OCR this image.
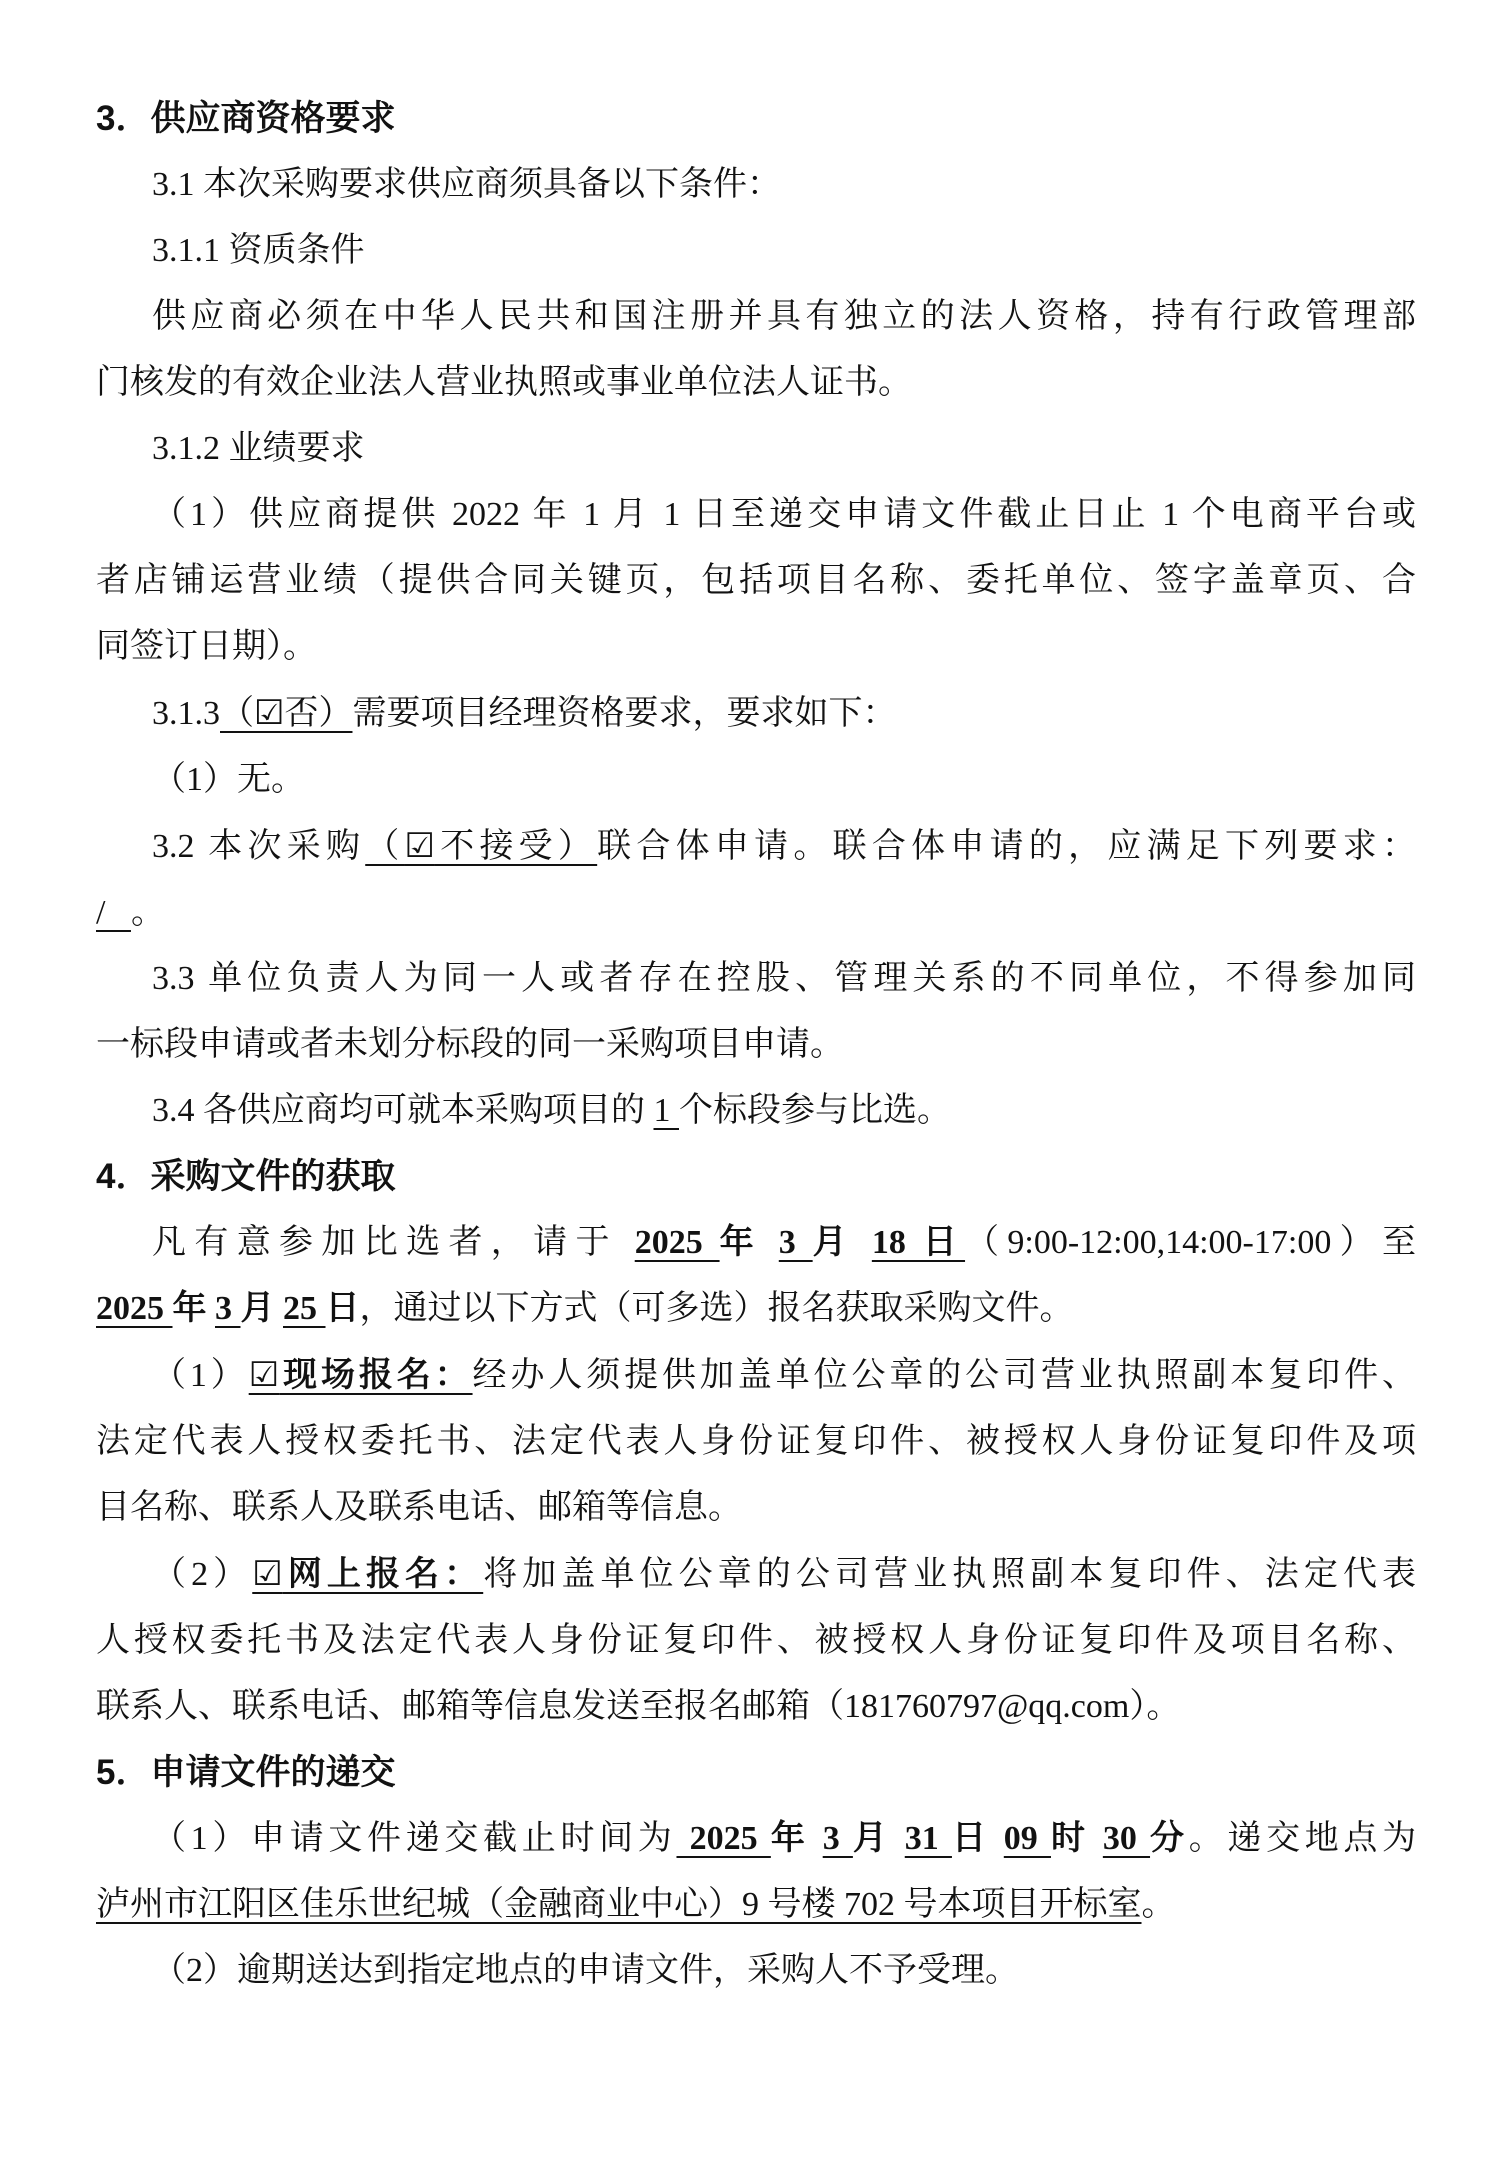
3．供应商资格要求
3.1 本次采购要求供应商须具备以下条件：
3.1.1 资质条件
供应商必须在中华人民共和国注册并具有独立的法人资格，持有行政管理部
门核发的有效企业法人营业执照或事业单位法人证书。
3.1.2 业绩要求
（1）供应商提供 2022 年 1 月 1 日至递交申请文件截止日止 1 个电商平台或
者店铺运营业绩（提供合同关键页，包括项目名称、委托单位、签字盖章页、合
同签订日期）。
3.1.3（☑否）需要项目经理资格要求，要求如下：
（1）无。
3.2 本次采购（☑不接受）联合体申请。联合体申请的，应满足下列要求：
/   。
3.3 单位负责人为同一人或者存在控股、管理关系的不同单位，不得参加同
一标段申请或者未划分标段的同一采购项目申请。
3.4 各供应商均可就本采购项目的 1 个标段参与比选。
4．采购文件的获取
凡有意参加比选者，请于 2025 年 3 月 18 日（9:00-12:00,14:00-17:00）至
2025 年 3 月 25 日，通过以下方式（可多选）报名获取采购文件。
（1）☑现场报名：经办人须提供加盖单位公章的公司营业执照副本复印件、
法定代表人授权委托书、法定代表人身份证复印件、被授权人身份证复印件及项
目名称、联系人及联系电话、邮箱等信息。
（2）☑网上报名：将加盖单位公章的公司营业执照副本复印件、法定代表
人授权委托书及法定代表人身份证复印件、被授权人身份证复印件及项目名称、
联系人、联系电话、邮箱等信息发送至报名邮箱（181760797@qq.com）。
5．申请文件的递交
（1）申请文件递交截止时间为 2025 年 3 月 31 日 09 时 30 分。递交地点为
泸州市江阳区佳乐世纪城（金融商业中心）9 号楼 702 号本项目开标室。
（2）逾期送达到指定地点的申请文件，采购人不予受理。
